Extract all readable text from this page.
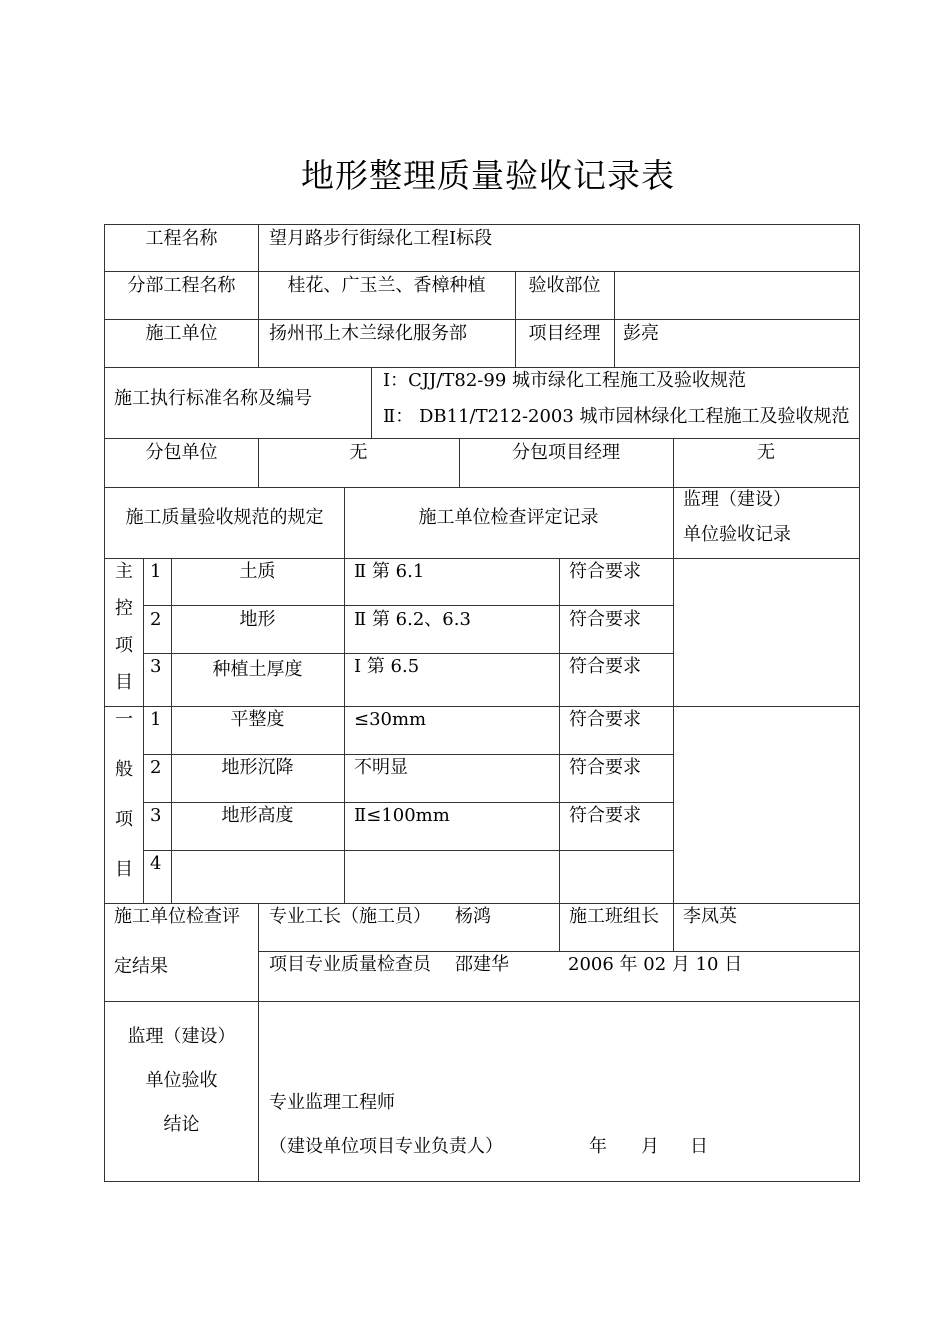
地形整理质量验收记录表
工程名称	望月路步行街绿化工程Ⅰ标段
分部工程名称	桂花、广玉兰、香樟种植	验收部位
施工单位	扬州邗上木兰绿化服务部	项目经理	彭亮
施工执行标准名称及编号
Ⅰ：CJJ/T82-99 城市绿化工程施工及验收规范
Ⅱ： DB11/T212-2003 城市园林绿化工程施工及验收规范
分包单位	无	分包项目经理	无
施工质量验收规范的规定	施工单位检查评定记录
监理（建设）
单位验收记录
主
控
项
目
1	土质	Ⅱ 第 6.1	符合要求
2	地形	Ⅱ 第 6.2、6.3	符合要求
3	种植土厚度	Ⅰ 第 6.5	符合要求
一
般
项
目
1	平整度	≤30mm	符合要求
2	地形沉降	不明显	符合要求
3	地形高度	Ⅱ≤100mm	符合要求
4
施工单位检查评
定结果
专业工长（施工员） 杨鸿	施工班组长 李凤英
项目专业质量检查员 邵建华	2006 年 02 月 10 日
监理（建设）
单位验收
结论
专业监理工程师
（建设单位项目专业负责人）	年 月 日
